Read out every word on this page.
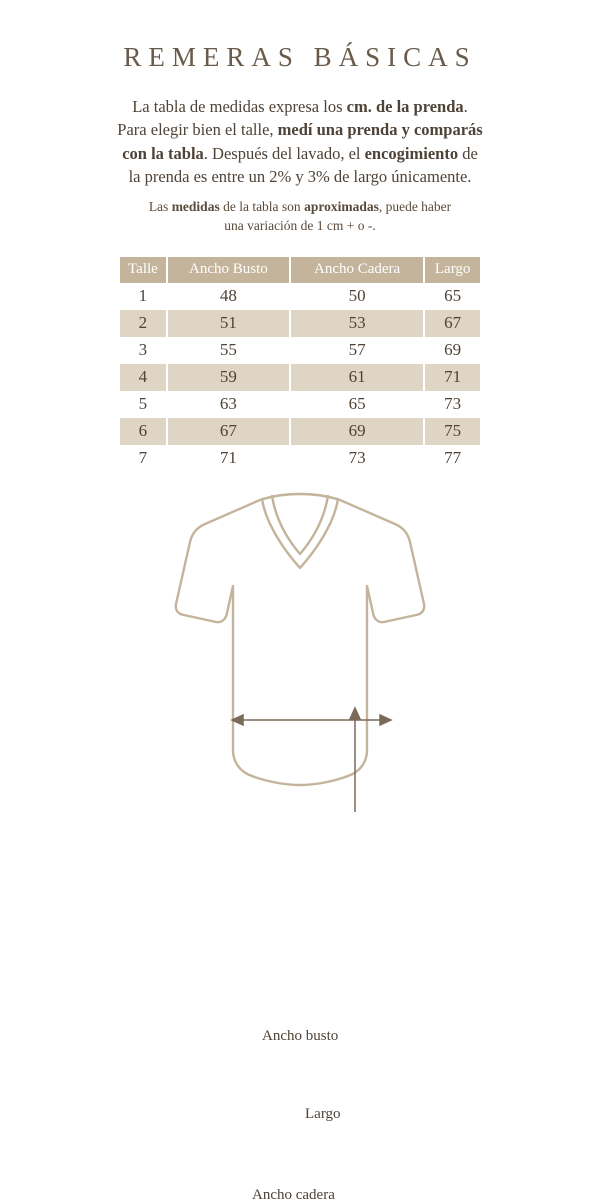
REMERAS BÁSICAS
La tabla de medidas expresa los cm. de la prenda.
Para elegir bien el talle, medí una prenda y comparás
con la tabla. Después del lavado, el encogimiento de
la prenda es entre un 2% y 3% de largo únicamente.
Las medidas de la tabla son aproximadas, puede haber
una variación de 1 cm + o -.
Talle	Ancho Busto	Ancho Cadera	Largo
1	48	50	65
2	51	53	67
3	55	57	69
4	59	61	71
5	63	65	73
6	67	69	75
7	71	73	77
Ancho busto
Largo
Ancho cadera
